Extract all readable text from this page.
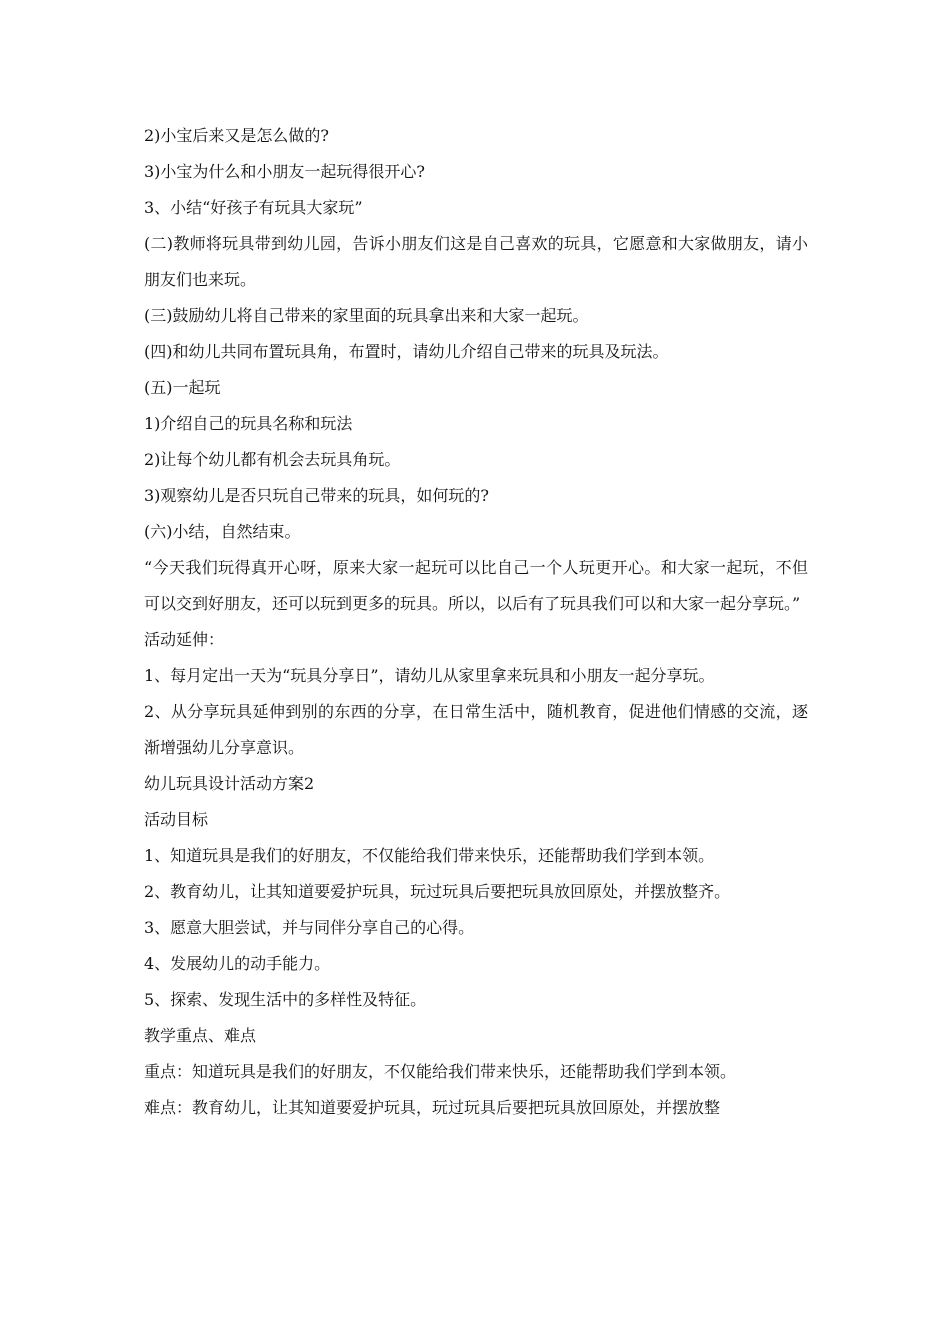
2)小宝后来又是怎么做的?

3)小宝为什么和小朋友一起玩得很开心?

3、小结“好孩子有玩具大家玩”

(二)教师将玩具带到幼儿园，告诉小朋友们这是自己喜欢的玩具，它愿意和大家做朋友，请小朋友们也来玩。

(三)鼓励幼儿将自己带来的家里面的玩具拿出来和大家一起玩。

(四)和幼儿共同布置玩具角，布置时，请幼儿介绍自己带来的玩具及玩法。

(五)一起玩

1)介绍自己的玩具名称和玩法

2)让每个幼儿都有机会去玩具角玩。

3)观察幼儿是否只玩自己带来的玩具，如何玩的?

(六)小结，自然结束。

“今天我们玩得真开心呀，原来大家一起玩可以比自己一个人玩更开心。和大家一起玩，不但可以交到好朋友，还可以玩到更多的玩具。所以，以后有了玩具我们可以和大家一起分享玩。”

活动延伸：

1、每月定出一天为“玩具分享日”，请幼儿从家里拿来玩具和小朋友一起分享玩。

2、从分享玩具延伸到别的东西的分享，在日常生活中，随机教育，促进他们情感的交流，逐渐增强幼儿分享意识。

幼儿玩具设计活动方案2

活动目标

1、知道玩具是我们的好朋友，不仅能给我们带来快乐，还能帮助我们学到本领。

2、教育幼儿，让其知道要爱护玩具，玩过玩具后要把玩具放回原处，并摆放整齐。

3、愿意大胆尝试，并与同伴分享自己的心得。

4、发展幼儿的动手能力。

5、探索、发现生活中的多样性及特征。

教学重点、难点

重点：知道玩具是我们的好朋友，不仅能给我们带来快乐，还能帮助我们学到本领。

难点：教育幼儿，让其知道要爱护玩具，玩过玩具后要把玩具放回原处，并摆放整
